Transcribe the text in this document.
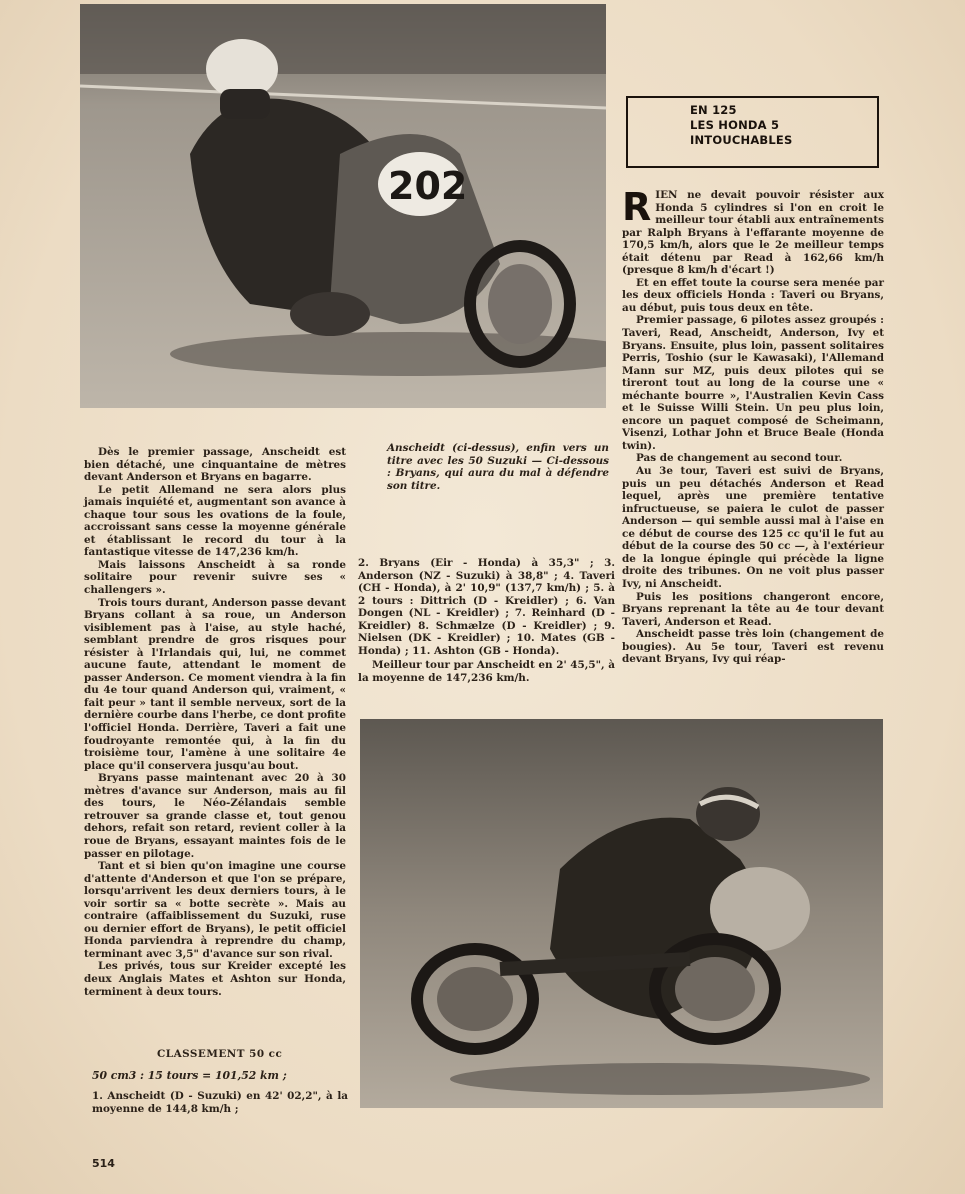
202
EN 125
LES HONDA 5
INTOUCHABLES

RIEN ne devait pouvoir résister aux Honda 5 cylindres si l'on en croit le meilleur tour établi aux entraînements par Ralph Bryans à l'effarante moyenne de 170,5 km/h, alors que le 2e meilleur temps était détenu par Read à 162,66 km/h (presque 8 km/h d'écart !)

Et en effet toute la course sera menée par les deux officiels Honda : Taveri ou Bryans, au début, puis tous deux en tête.

Premier passage, 6 pilotes assez groupés : Taveri, Read, Anscheidt, Anderson, Ivy et Bryans. Ensuite, plus loin, passent solitaires Perris, Toshio (sur le Kawasaki), l'Allemand Mann sur MZ, puis deux pilotes qui se tireront tout au long de la course une « méchante bourre », l'Australien Kevin Cass et le Suisse Willi Stein. Un peu plus loin, encore un paquet composé de Scheimann, Visenzi, Lothar John et Bruce Beale (Honda twin).

Pas de changement au second tour.

Au 3e tour, Taveri est suivi de Bryans, puis un peu détachés Anderson et Read lequel, après une première tentative infructueuse, se paiera le culot de passer Anderson — qui semble aussi mal à l'aise en ce début de course des 125 cc qu'il le fut au début de la course des 50 cc —, à l'extérieur de la longue épingle qui précède la ligne droite des tribunes. On ne voit plus passer Ivy, ni Anscheidt.

Puis les positions changeront encore, Bryans reprenant la tête au 4e tour devant Taveri, Anderson et Read.

Anscheidt passe très loin (changement de bougies). Au 5e tour, Taveri est revenu devant Bryans, Ivy qui réap-

Anscheidt (ci-dessus), enfin vers un titre avec les 50 Suzuki — Ci-dessous : Bryans, qui aura du mal à défendre son titre.

Dès le premier passage, Anscheidt est bien détaché, une cinquantaine de mètres devant Anderson et Bryans en bagarre.

Le petit Allemand ne sera alors plus jamais inquiété et, augmentant son avance à chaque tour sous les ovations de la foule, accroissant sans cesse la moyenne générale et établissant le record du tour à la fantastique vitesse de 147,236 km/h.

Mais laissons Anscheidt à sa ronde solitaire pour revenir suivre ses « challengers ».

Trois tours durant, Anderson passe devant Bryans collant à sa roue, un Anderson visiblement pas à l'aise, au style haché, semblant prendre de gros risques pour résister à l'Irlandais qui, lui, ne commet aucune faute, attendant le moment de passer Anderson. Ce moment viendra à la fin du 4e tour quand Anderson qui, vraiment, « fait peur » tant il semble nerveux, sort de la dernière courbe dans l'herbe, ce dont profite l'officiel Honda. Derrière, Taveri a fait une foudroyante remontée qui, à la fin du troisième tour, l'amène à une solitaire 4e place qu'il conservera jusqu'au bout.

Bryans passe maintenant avec 20 à 30 mètres d'avance sur Anderson, mais au fil des tours, le Néo-Zélandais semble retrouver sa grande classe et, tout genou dehors, refait son retard, revient coller à la roue de Bryans, essayant maintes fois de le passer en pilotage.

Tant et si bien qu'on imagine une course d'attente d'Anderson et que l'on se prépare, lorsqu'arrivent les deux derniers tours, à le voir sortir sa « botte secrète ». Mais au contraire (affaiblissement du Suzuki, ruse ou dernier effort de Bryans), le petit officiel Honda parviendra à reprendre du champ, terminant avec 3,5" d'avance sur son rival.

Les privés, tous sur Kreider excepté les deux Anglais Mates et Ashton sur Honda, terminent à deux tours.

CLASSEMENT 50 cc
50 cm3 : 15 tours = 101,52 km ;
1. Anscheidt (D - Suzuki) en 42' 02,2", à la moyenne de 144,8 km/h ;

2. Bryans (Eir - Honda) à 35,3" ; 3. Anderson (NZ - Suzuki) à 38,8" ; 4. Taveri (CH - Honda), à 2' 10,9" (137,7 km/h) ; 5. à 2 tours : Dittrich (D - Kreidler) ; 6. Van Dongen (NL - Kreidler) ; 7. Reinhard (D - Kreidler) 8. Schmælze (D - Kreidler) ; 9. Nielsen (DK - Kreidler) ; 10. Mates (GB - Honda) ; 11. Ashton (GB - Honda).

Meilleur tour par Anscheidt en 2' 45,5", à la moyenne de 147,236 km/h.

514
